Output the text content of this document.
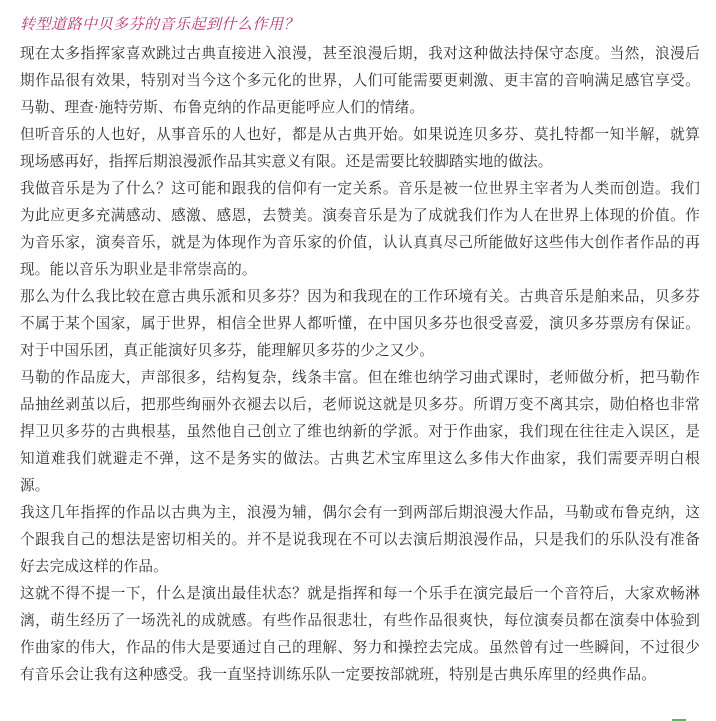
转型道路中贝多芬的音乐起到什么作用？

现在太多指挥家喜欢跳过古典直接进入浪漫，甚至浪漫后期，我对这种做法持保守态度。当然，浪漫后期作品很有效果，特别对当今这个多元化的世界，人们可能需要更刺激、更丰富的音响满足感官享受。马勒、理查·施特劳斯、布鲁克纳的作品更能呼应人们的情绪。

但听音乐的人也好，从事音乐的人也好，都是从古典开始。如果说连贝多芬、莫扎特都一知半解，就算现场感再好，指挥后期浪漫派作品其实意义有限。还是需要比较脚踏实地的做法。

我做音乐是为了什么？这可能和跟我的信仰有一定关系。音乐是被一位世界主宰者为人类而创造。我们为此应更多充满感动、感激、感恩，去赞美。演奏音乐是为了成就我们作为人在世界上体现的价值。作为音乐家，演奏音乐，就是为体现作为音乐家的价值，认认真真尽己所能做好这些伟大创作者作品的再现。能以音乐为职业是非常崇高的。

那么为什么我比较在意古典乐派和贝多芬？因为和我现在的工作环境有关。古典音乐是舶来品，贝多芬不属于某个国家，属于世界，相信全世界人都听懂，在中国贝多芬也很受喜爱，演贝多芬票房有保证。对于中国乐团，真正能演好贝多芬，能理解贝多芬的少之又少。

马勒的作品庞大，声部很多，结构复杂，线条丰富。但在维也纳学习曲式课时，老师做分析，把马勒作品抽丝剥茧以后，把那些绚丽外衣褪去以后，老师说这就是贝多芬。所谓万变不离其宗，勋伯格也非常捍卫贝多芬的古典根基，虽然他自己创立了维也纳新的学派。对于作曲家，我们现在往往走入误区，是知道难我们就避走不弹，这不是务实的做法。古典艺术宝库里这么多伟大作曲家，我们需要弄明白根源。

我这几年指挥的作品以古典为主，浪漫为辅，偶尔会有一到两部后期浪漫大作品，马勒或布鲁克纳，这个跟我自己的想法是密切相关的。并不是说我现在不可以去演后期浪漫作品，只是我们的乐队没有准备好去完成这样的作品。

这就不得不提一下，什么是演出最佳状态？就是指挥和每一个乐手在演完最后一个音符后，大家欢畅淋漓，萌生经历了一场洗礼的成就感。有些作品很悲壮，有些作品很爽快，每位演奏员都在演奏中体验到作曲家的伟大，作品的伟大是要通过自己的理解、努力和操控去完成。虽然曾有过一些瞬间，不过很少有音乐会让我有这种感受。我一直坚持训练乐队一定要按部就班，特别是古典乐库里的经典作品。
